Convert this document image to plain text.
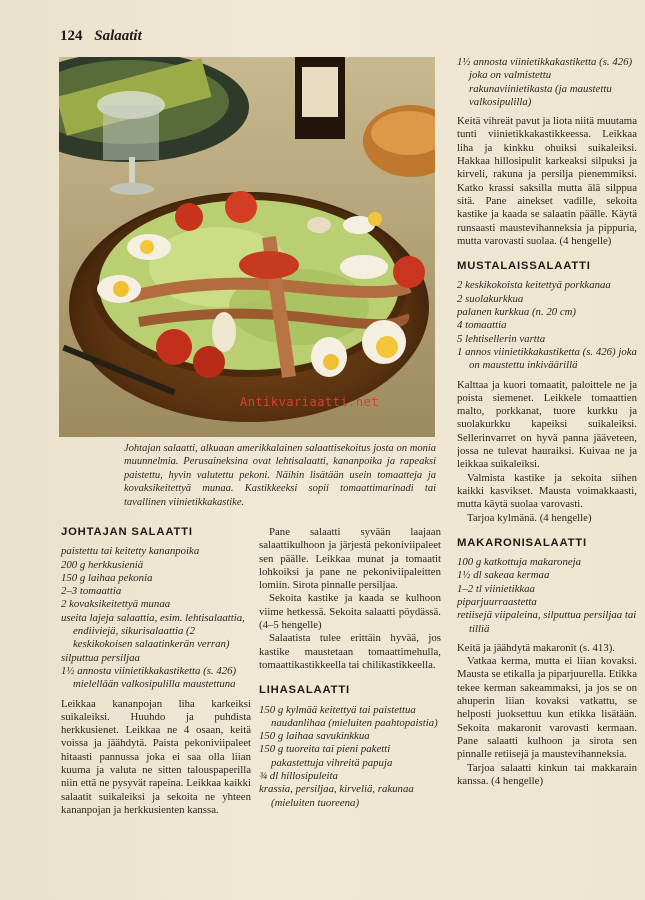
124 Salaatit
Antikvariaatti.net
Johtajan salaatti, alkuaan amerikkalainen salaattisekoitus josta on monia muunnelmia. Perusaineksina ovat lehtisalaatti, kananpoika ja rapeaksi paistettu, hyvin valutettu pekoni. Näihin lisätään usein tomaatteja ja kovaksikeitettyä munaa. Kastikkeeksi sopii tomaattimarinadi tai tavallinen viinietikkakastike.
JOHTAJAN SALAATTI
paistettu tai keitetty kananpoika
200 g herkkusieniä
150 g laihaa pekonia
2–3 tomaattia
2 kovaksikeitettyä munaa
useita lajeja salaattia, esim. lehtisalaattia, endiiviejä, sikurisalaattia (2 keskikokoisen salaatinkerän verran)
silputtua persiljaa
1½ annosta viinietikkakastiketta (s. 426) mielellään valkosipulilla maustettuna

Leikkaa kananpojan liha karkeiksi suikaleiksi. Huuhdo ja puhdista herkkusienet. Leikkaa ne 4 osaan, keitä voissa ja jäähdytä. Paista pekoniviipaleet hitaasti pannussa joka ei saa olla liian kuuma ja valuta ne sitten talouspaperilla niin että ne pysyvät rapeina. Leikkaa kaikki salaatit suikaleiksi ja sekoita ne yhteen kananpojan ja herkkusienten kanssa.

Pane salaatti syvään laajaan salaattikulhoon ja järjestä pekoniviipaleet sen päälle. Leikkaa munat ja tomaatit lohkoiksi ja pane ne pekoniviipaleitten lomiin. Sirota pinnalle persiljaa.

Sekoita kastike ja kaada se kulhoon viime hetkessä. Sekoita salaatti pöydässä. (4–5 hengelle)

Salaatista tulee erittäin hyvää, jos kastike maustetaan tomaattimehulla, tomaattikastikkeella tai chilikastikkeella.

LIHASALAATTI
150 g kylmää keitettyä tai paistettua naudanlihaa (mieluiten paahtopaistia)
150 g laihaa savukinkkua
150 g tuoreita tai pieni paketti pakastettuja vihreitä papuja
¾ dl hillosipuleita
krassia, persiljaa, kirveliä, rakunaa (mieluiten tuoreena)
1½ annosta viinietikkakastiketta (s. 426) joka on valmistettu rakunaviinietikasta (ja maustettu valkosipulilla)

Keitä vihreät pavut ja liota niitä muutama tunti viinietikkakastikkeessa. Leikkaa liha ja kinkku ohuiksi suikaleiksi. Hakkaa hillosipulit karkeaksi silpuksi ja kirveli, rakuna ja persilja pienemmiksi. Katko krassi saksilla mutta älä silppua sitä. Pane ainekset vadille, sekoita kastike ja kaada se salaatin päälle. Käytä runsaasti maustevihanneksia ja pippuria, mutta varovasti suolaa. (4 hengelle)

MUSTALAISSALAATTI
2 keskikokoista keitettyä porkkanaa
2 suolakurkkua
palanen kurkkua (n. 20 cm)
4 tomaattia
5 lehtisellerin vartta
1 annos viinietikkakastiketta (s. 426) joka on maustettu inkiväärillä

Kalttaa ja kuori tomaatit, paloittele ne ja poista siemenet. Leikkele tomaattien malto, porkkanat, tuore kurkku ja suolakurkku kapeiksi suikaleiksi. Sellerinvarret on hyvä panna jääveteen, jossa ne tulevat hauraiksi. Kuivaa ne ja leikkaa suikaleiksi.

Valmista kastike ja sekoita siihen kaikki kasvikset. Mausta voimakkaasti, mutta käytä suolaa varovasti.

Tarjoa kylmänä. (4 hengelle)

MAKARONISALAATTI
100 g katkottuja makaroneja
1½ dl sakeaa kermaa
1–2 tl viinietikkaa
piparjuurraastetta
retiisejä viipaleina, silputtua persiljaa tai tilliä

Keitä ja jäähdytä makaronit (s. 413).

Vatkaa kerma, mutta ei liian kovaksi. Mausta se etikalla ja piparjuurella. Etikka tekee kerman sakeammaksi, ja jos se on ahuperin liian kovaksi vatkattu, se helposti juoksettuu kun etikka lisätään. Sekoita makaronit varovasti kermaan. Pane salaatti kulhoon ja sirota sen pinnalle retiisejä ja maustevihanneksia.

Tarjoa salaatti kinkun tai makkarain kanssa. (4 hengelle)
